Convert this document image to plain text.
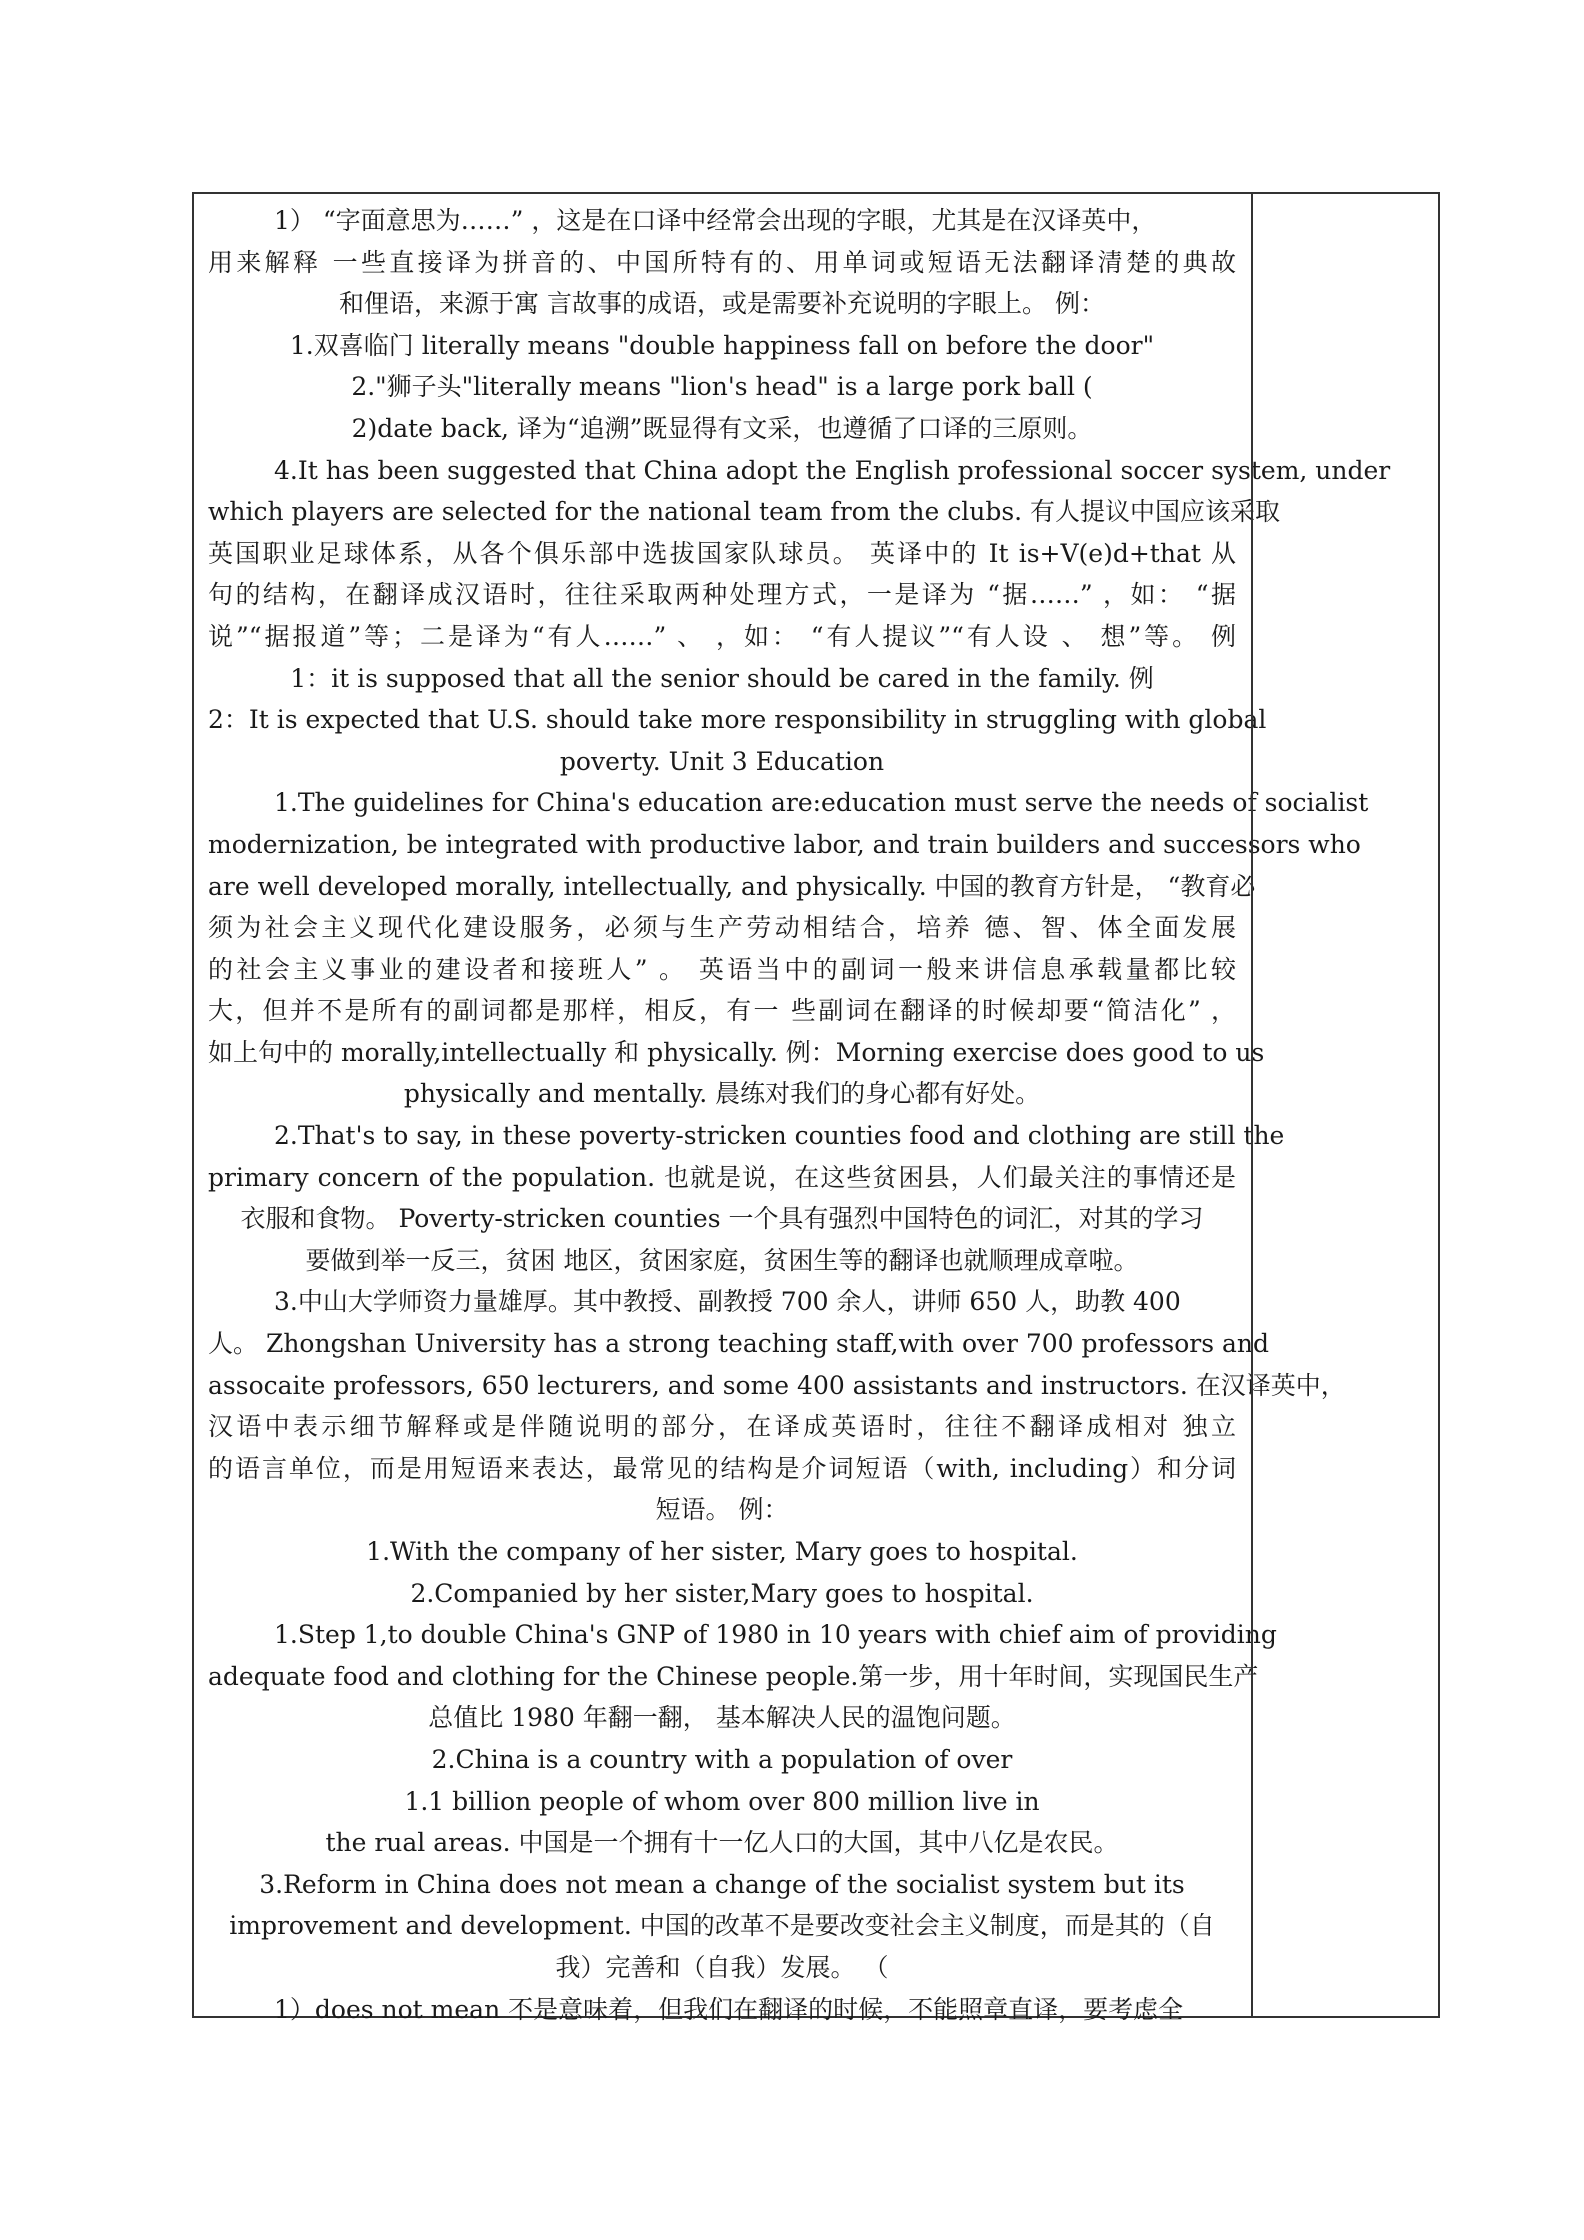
1） “字面意思为……” ，这是在口译中经常会出现的字眼，尤其是在汉译英中，
用来解释 一些直接译为拼音的、中国所特有的、用单词或短语无法翻译清楚的典故
和俚语，来源于寓 言故事的成语，或是需要补充说明的字眼上。 例：
1.双喜临门 literally means "double happiness fall on before the door"
2."狮子头"literally means "lion's head" is a large pork ball (
2)date back, 译为“追溯”既显得有文采，也遵循了口译的三原则。
4.It has been suggested that China adopt the English professional soccer system, under
which players are selected for the national team from the clubs. 有人提议中国应该采取
英国职业足球体系，从各个俱乐部中选拔国家队球员。 英译中的 It is+V(e)d+that 从
句的结构，在翻译成汉语时，往往采取两种处理方式，一是译为 “据……” ，如： “据
说”“据报道”等；二是译为“有人……” 、 ，如： “有人提议”“有人设 、 想”等。 例
1：it is supposed that all the senior should be cared in the family. 例
2：It is expected that U.S. should take more responsibility in struggling with global
poverty. Unit 3 Education
1.The guidelines for China's education are:education must serve the needs of socialist
modernization, be integrated with productive labor, and train builders and successors who
are well developed morally, intellectually, and physically. 中国的教育方针是， “教育必
须为社会主义现代化建设服务，必须与生产劳动相结合，培养 德、智、体全面发展
的社会主义事业的建设者和接班人” 。 英语当中的副词一般来讲信息承载量都比较
大，但并不是所有的副词都是那样，相反，有一 些副词在翻译的时候却要“简洁化” ，
如上句中的 morally,intellectually 和 physically. 例：Morning exercise does good to us
physically and mentally. 晨练对我们的身心都有好处。
2.That's to say, in these poverty-stricken counties food and clothing are still the
primary concern of the population. 也就是说，在这些贫困县，人们最关注的事情还是
衣服和食物。 Poverty-stricken counties 一个具有强烈中国特色的词汇，对其的学习
要做到举一反三，贫困 地区，贫困家庭，贫困生等的翻译也就顺理成章啦。
3.中山大学师资力量雄厚。其中教授、副教授 700 余人，讲师 650 人，助教 400
人。 Zhongshan University has a strong teaching staff,with over 700 professors and
assocaite professors, 650 lecturers, and some 400 assistants and instructors. 在汉译英中，
汉语中表示细节解释或是伴随说明的部分，在译成英语时，往往不翻译成相对 独立
的语言单位，而是用短语来表达，最常见的结构是介词短语（with, including）和分词
短语。 例：
1.With the company of her sister, Mary goes to hospital.
2.Companied by her sister,Mary goes to hospital.
1.Step 1,to double China's GNP of 1980 in 10 years with chief aim of providing
adequate food and clothing for the Chinese people.第一步，用十年时间，实现国民生产
总值比 1980 年翻一翻， 基本解决人民的温饱问题。
2.China is a country with a population of over
1.1 billion people of whom over 800 million live in
the rual areas. 中国是一个拥有十一亿人口的大国，其中八亿是农民。
3.Reform in China does not mean a change of the socialist system but its
improvement and development. 中国的改革不是要改变社会主义制度，而是其的（自
我）完善和（自我）发展。 （
1）does not mean 不是意味着，但我们在翻译的时候，不能照章直译，要考虑全
